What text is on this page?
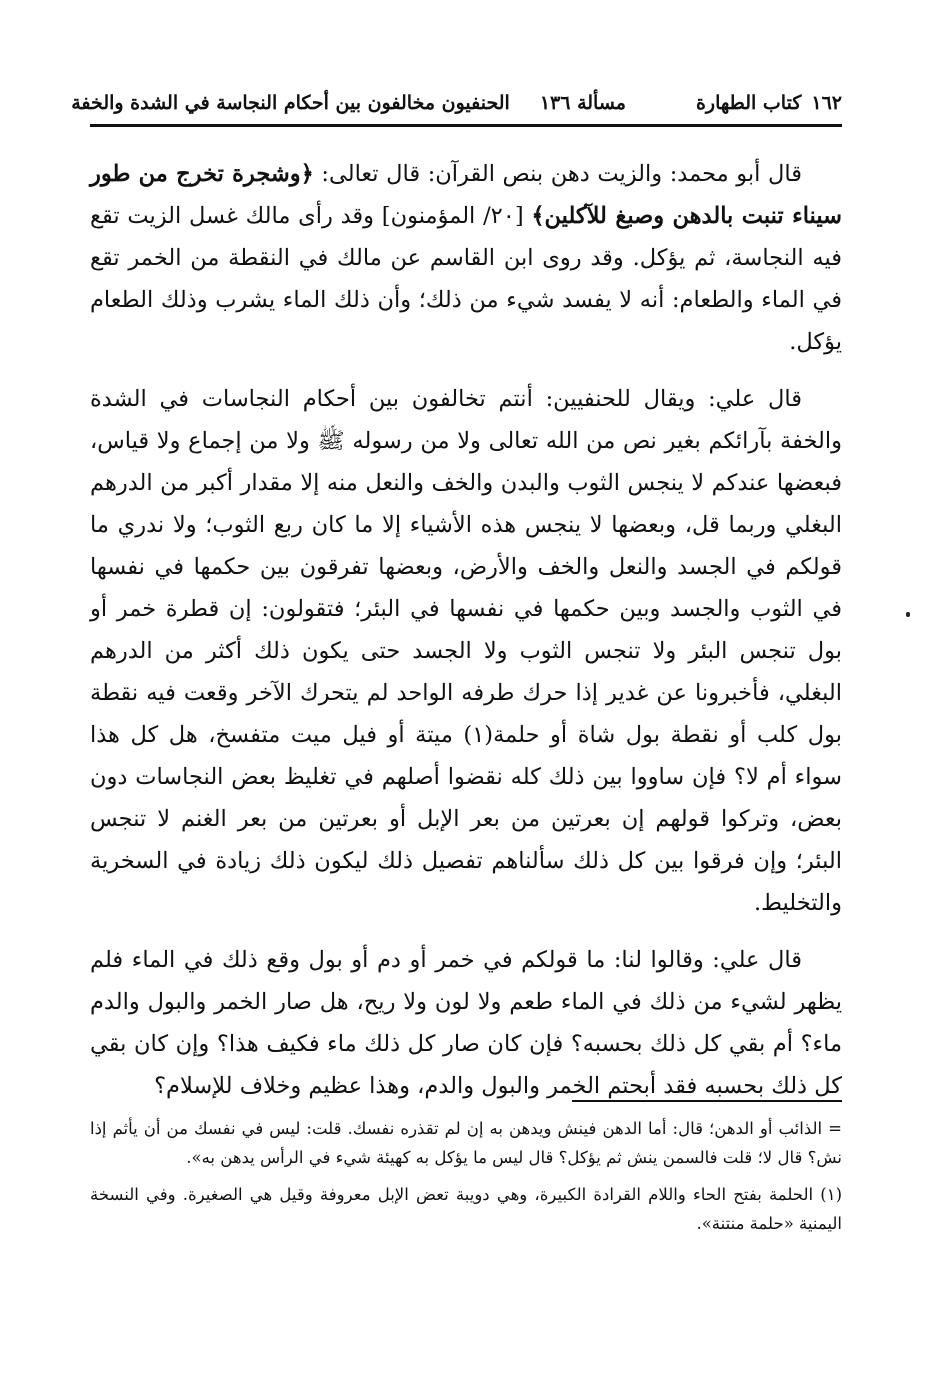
١٦٢
كتاب الطهارة
مسألة ١٣٦
الحنفيون مخالفون بين أحكام النجاسة في الشدة والخفة

قال أبو محمد: والزيت دهن بنص القرآن: قال تعالى: ﴿وشجرة تخرج من طور سيناء تنبت بالدهن وصبغ للآكلين﴾ [٢٠/ المؤمنون] وقد رأى مالك غسل الزيت تقع فيه النجاسة، ثم يؤكل. وقد روى ابن القاسم عن مالك في النقطة من الخمر تقع في الماء والطعام: أنه لا يفسد شيء من ذلك؛ وأن ذلك الماء يشرب وذلك الطعام يؤكل.

قال علي: ويقال للحنفيين: أنتم تخالفون بين أحكام النجاسات في الشدة والخفة بآرائكم بغير نص من الله تعالى ولا من رسوله ﷺ ولا من إجماع ولا قياس، فبعضها عندكم لا ينجس الثوب والبدن والخف والنعل منه إلا مقدار أكبر من الدرهم البغلي وربما قل، وبعضها لا ينجس هذه الأشياء إلا ما كان ربع الثوب؛ ولا ندري ما قولكم في الجسد والنعل والخف والأرض، وبعضها تفرقون بين حكمها في نفسها في الثوب والجسد وبين حكمها في نفسها في البئر؛ فتقولون: إن قطرة خمر أو بول تنجس البئر ولا تنجس الثوب ولا الجسد حتى يكون ذلك أكثر من الدرهم البغلي، فأخبرونا عن غدير إذا حرك طرفه الواحد لم يتحرك الآخر وقعت فيه نقطة بول كلب أو نقطة بول شاة أو حلمة(١) ميتة أو فيل ميت متفسخ، هل كل هذا سواء أم لا؟ فإن ساووا بين ذلك كله نقضوا أصلهم في تغليظ بعض النجاسات دون بعض، وتركوا قولهم إن بعرتين من بعر الإبل أو بعرتين من بعر الغنم لا تنجس البئر؛ وإن فرقوا بين كل ذلك سألناهم تفصيل ذلك ليكون ذلك زيادة في السخرية والتخليط.

قال علي: وقالوا لنا: ما قولكم في خمر أو دم أو بول وقع ذلك في الماء فلم يظهر لشيء من ذلك في الماء طعم ولا لون ولا ريح، هل صار الخمر والبول والدم ماء؟ أم بقي كل ذلك بحسبه؟ فإن كان صار كل ذلك ماء فكيف هذا؟ وإن كان بقي كل ذلك بحسبه فقد أبحتم الخمر والبول والدم، وهذا عظيم وخلاف للإسلام؟

= الذائب أو الدهن؛ قال: أما الدهن فينش ويدهن به إن لم تقذره نفسك. قلت: ليس في نفسك من أن يأثم إذا نش؟ قال لا؛ قلت فالسمن ينش ثم يؤكل؟ قال ليس ما يؤكل به كهيئة شيء في الرأس يدهن به».

(١) الحلمة بفتح الحاء واللام القرادة الكبيرة، وهي دويبة تعض الإبل معروفة وقيل هي الصغيرة. وفي النسخة اليمنية «حلمة منتنة».
